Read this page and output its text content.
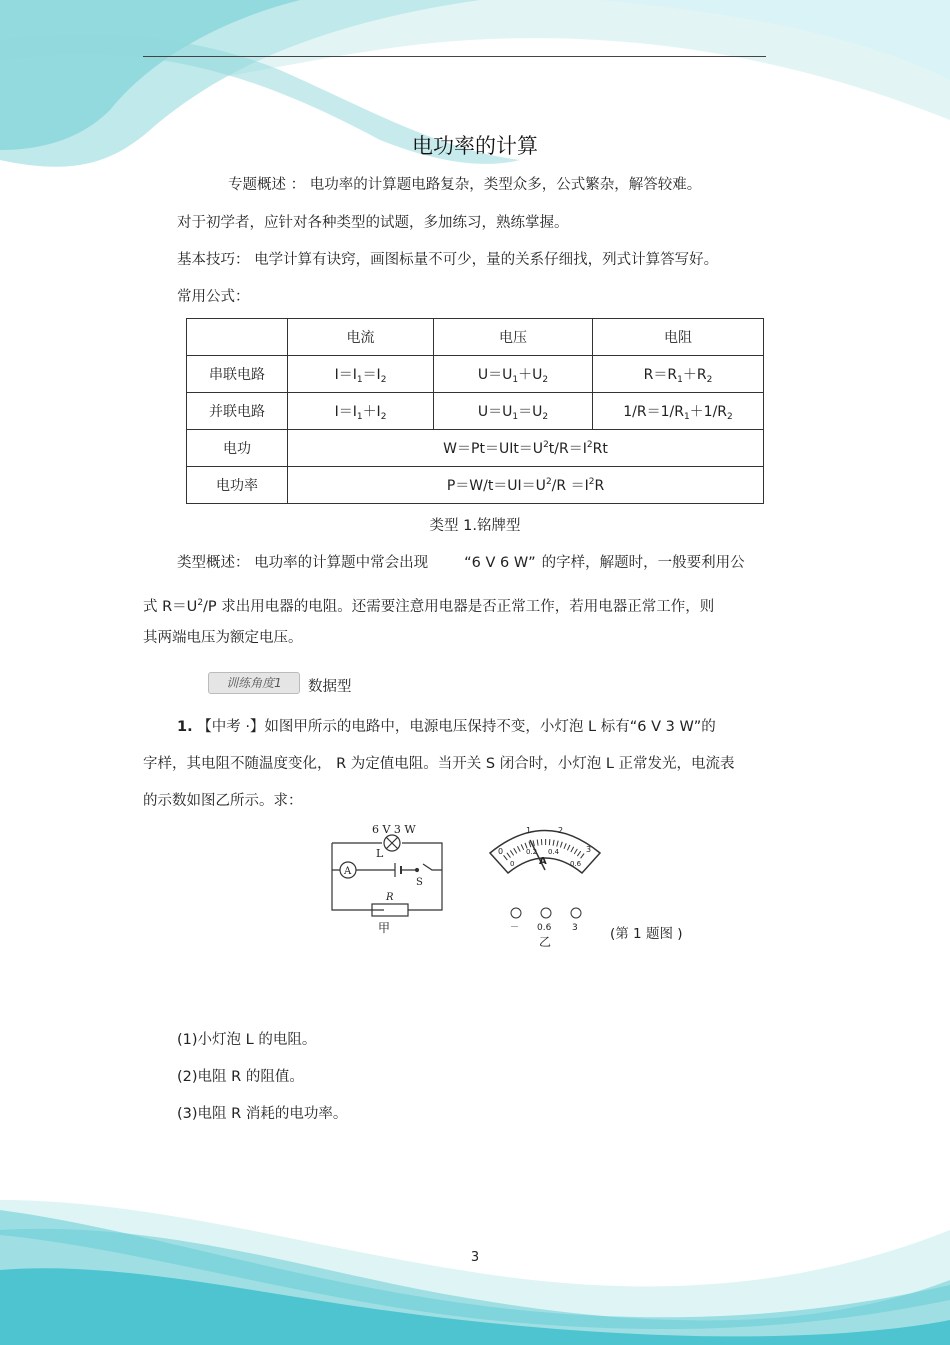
电功率的计算
专题概述 ： 电功率的计算题电路复杂，类型众多，公式繁杂，解答较难。
对于初学者，应针对各种类型的试题，多加练习，熟练掌握。
基本技巧： 电学计算有诀窍，画图标量不可少，量的关系仔细找，列式计算答写好。
常用公式：
	电流	电压	电阻
串联电路	$I=I_1=I_2$	$U=U_1+U_2$	$R=R_1+R_2$
并联电路	$I=I_1+I_2$	$U=U_1=U_2$	$1/R=1/R_1+1/R_2$
电功	$W=Pt=UIt=U^2t/R=I^2Rt$		
电功率	$P=W/t=UI=U^2/R =I^2R$		
类型 1.铭牌型
类型概述： 电功率的计算题中常会出现 “6 V 6 W” 的字样，解题时，一般要利用公
式 $R=U^2/P$ 求出用电器的电阻。还需要注意用电器是否正常工作，若用电器正常工作，则
其两端电压为额定电压。
训练角度1	数据型
1. 【中考 ·】如图甲所示的电路中，电源电压保持不变，小灯泡 L 标有“6 V 3 W”的
字样，其电阻不随温度变化， R 为定值电阻。当开关 S 闭合时，小灯泡 L 正常发光，电流表
的示数如图乙所示。求：
6 V 3 W
L
A
S
R
甲
0
1	2
3
0
0.2 0.4
0.6
A
－ 0.6 3
乙	(第 1 题图 )
(1)小灯泡 L 的电阻。
(2)电阻 R 的阻值。
(3)电阻 R 消耗的电功率。
3
